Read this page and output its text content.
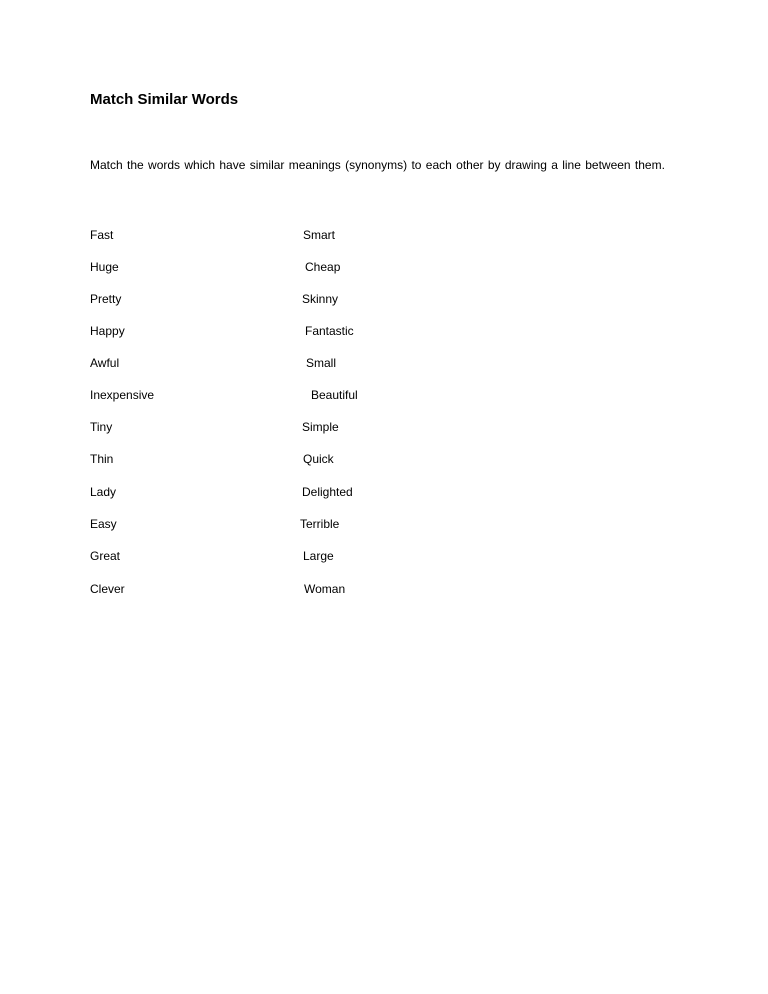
Match Similar Words
Match the words which have similar meanings (synonyms) to each other by drawing a line between them.
Fast
Huge
Pretty
Happy
Awful
Inexpensive
Tiny
Thin
Lady
Easy
Great
Clever
Smart
Cheap
Skinny
Fantastic
Small
Beautiful
Simple
Quick
Delighted
Terrible
Large
Woman
